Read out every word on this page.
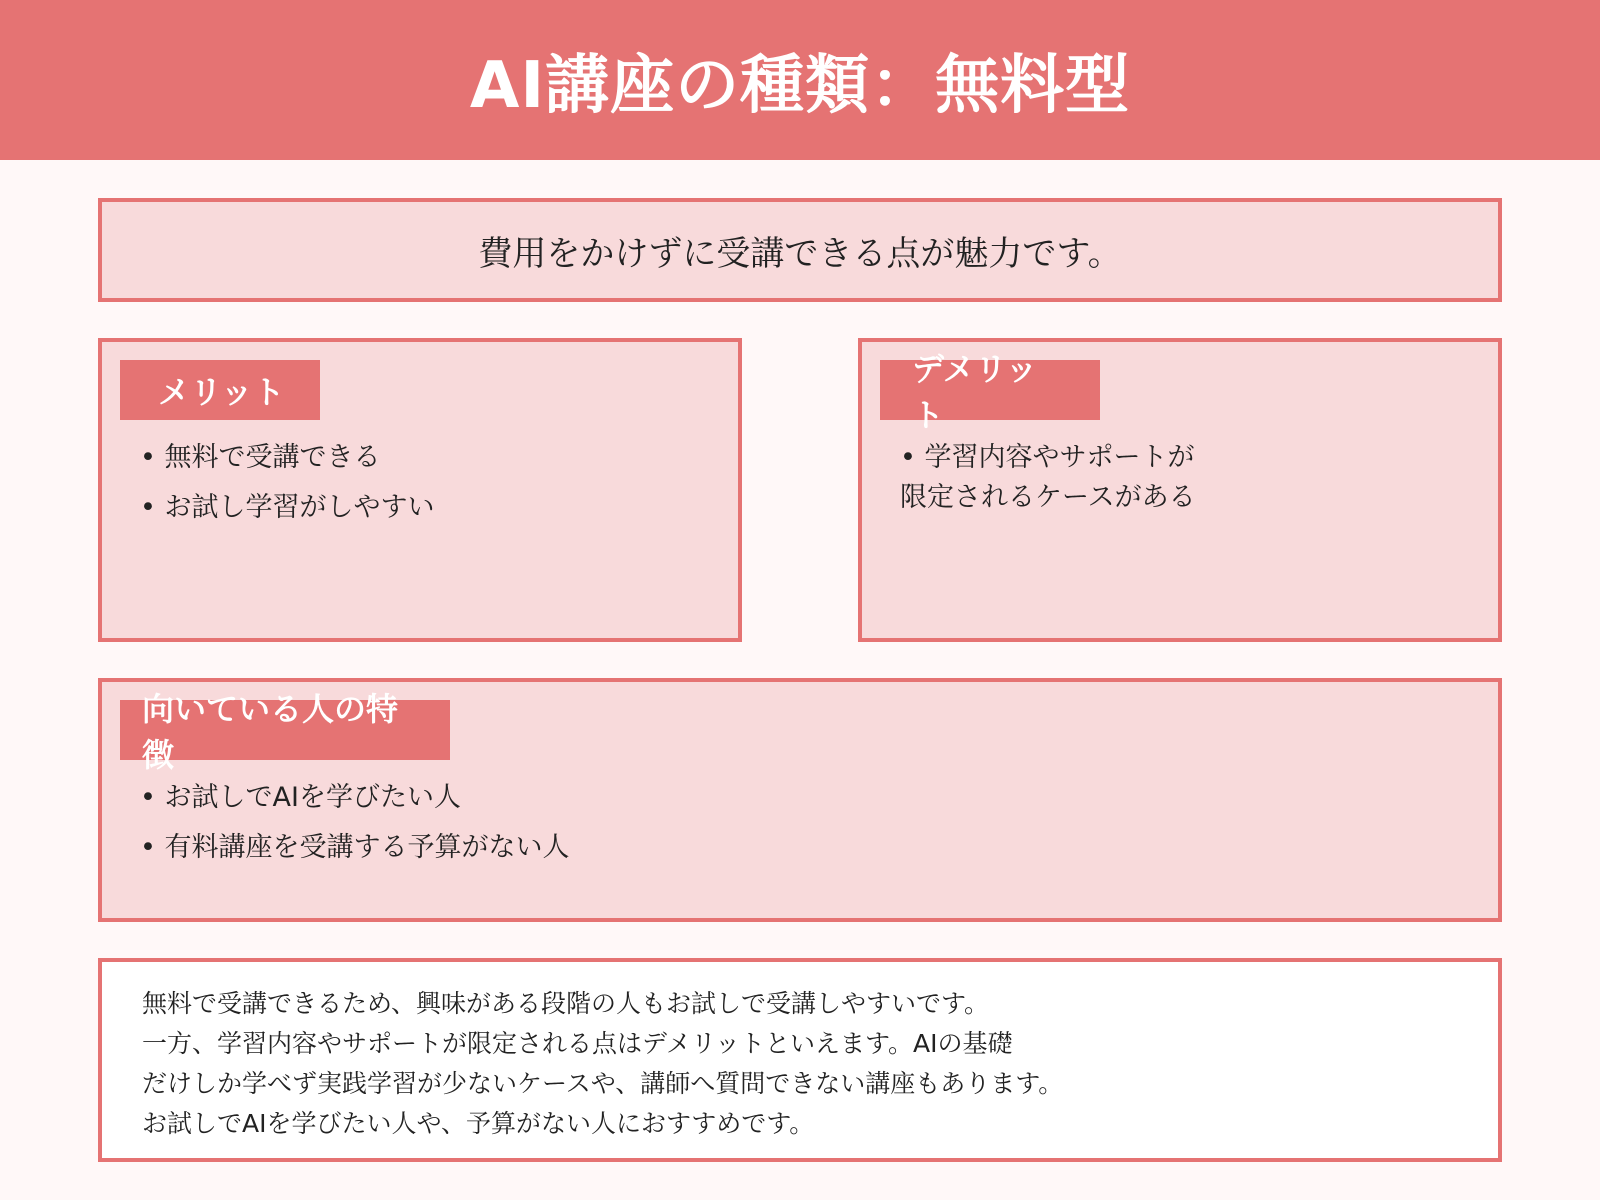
AI講座の種類：無料型
費用をかけずに受講できる点が魅力です。
メリット
• 無料で受講できる
• お試し学習がしやすい
デメリット
• 学習内容やサポートが
限定されるケースがある
向いている人の特徴
• お試しでAIを学びたい人
• 有料講座を受講する予算がない人

無料で受講できるため、興味がある段階の人もお試しで受講しやすいです。

一方、学習内容やサポートが限定される点はデメリットといえます。AIの基礎

だけしか学べず実践学習が少ないケースや、講師へ質問できない講座もあります。

お試しでAIを学びたい人や、予算がない人におすすめです。
